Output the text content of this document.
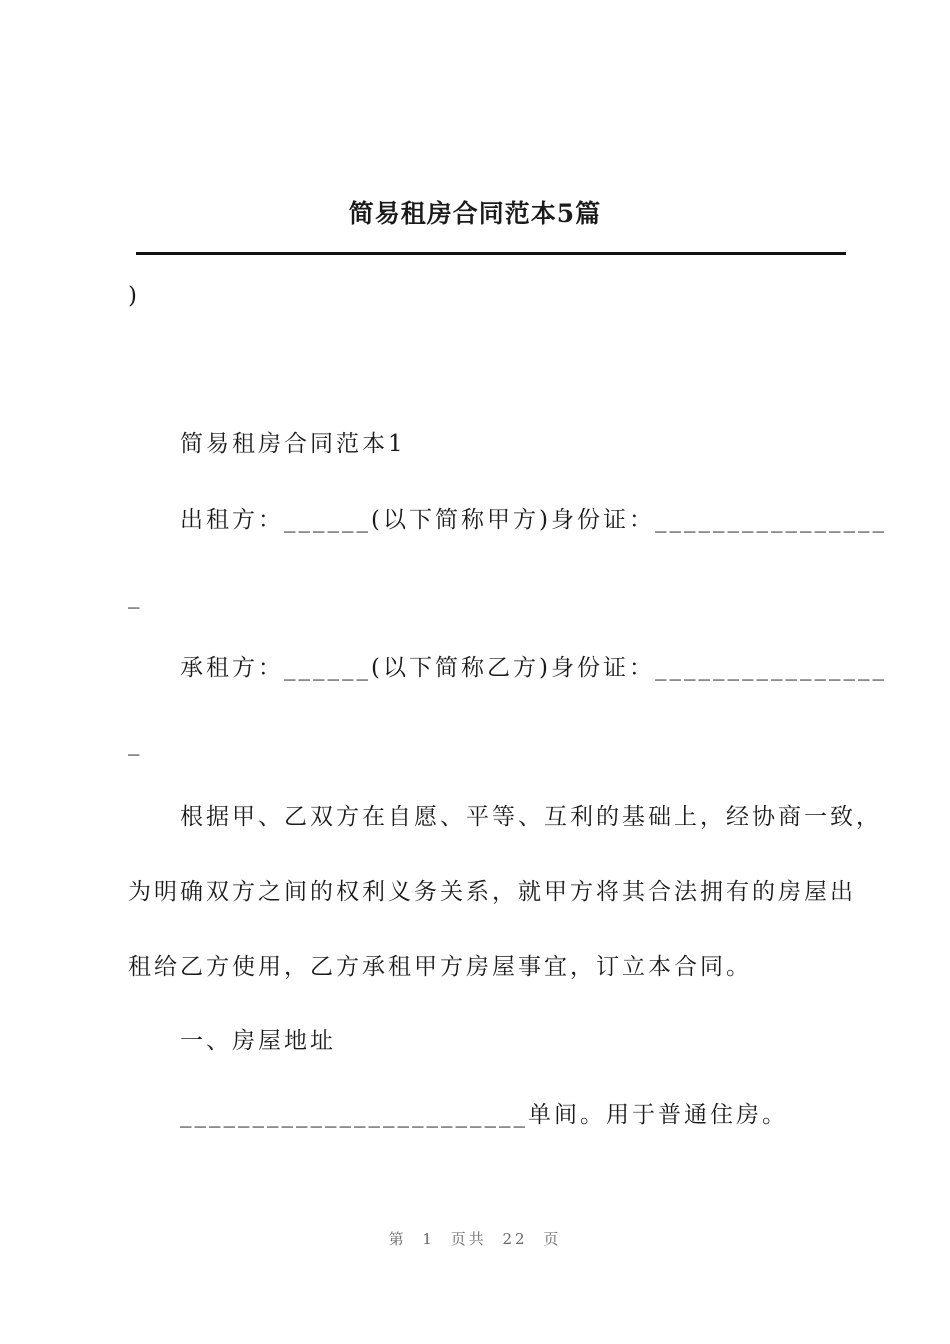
简易租房合同范本5篇
)
简易租房合同范本1
出租方：______(以下简称甲方)身份证：________________
_
承租方：______(以下简称乙方)身份证：________________
_
根据甲、乙双方在自愿、平等、互利的基础上，经协商一致，
为明确双方之间的权利义务关系，就甲方将其合法拥有的房屋出
租给乙方使用，乙方承租甲方房屋事宜，订立本合同。
一、房屋地址
________________________单间。用于普通住房。
第 1 页共 22 页
